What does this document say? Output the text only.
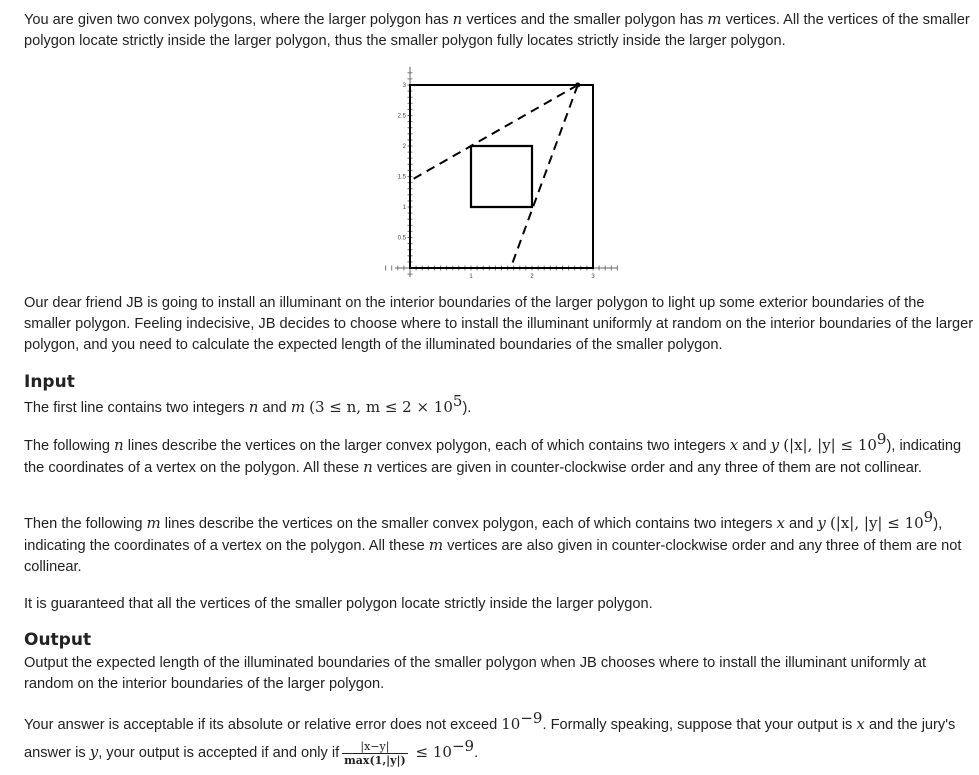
You are given two convex polygons, where the larger polygon has n vertices and the smaller polygon has m vertices. All the vertices of the smaller polygon locate strictly inside the larger polygon, thus the smaller polygon fully locates strictly inside the larger polygon.

1	2	3
0.5
1
1.5
2
2.5
3

Our dear friend JB is going to install an illuminant on the interior boundaries of the larger polygon to light up some exterior boundaries of the smaller polygon. Feeling indecisive, JB decides to choose where to install the illuminant uniformly at random on the interior boundaries of the larger polygon, and you need to calculate the expected length of the illuminated boundaries of the smaller polygon.

Input

The first line contains two integers n and m (3 ≤ n, $m \le 2 \times 10^5$).

The following n lines describe the vertices on the larger convex polygon, each of which contains two integers x and y (|x|, $|y| \le 10^9$), indicating the coordinates of a vertex on the polygon. All these n vertices are given in counter-clockwise order and any three of them are not collinear.

Then the following m lines describe the vertices on the smaller convex polygon, each of which contains two integers x and y (|x|, $|y| \le 10^9$), indicating the coordinates of a vertex on the polygon. All these m vertices are also given in counter-clockwise order and any three of them are not collinear.

It is guaranteed that all the vertices of the smaller polygon locate strictly inside the larger polygon.

Output

Output the expected length of the illuminated boundaries of the smaller polygon when JB chooses where to install the illuminant uniformly at random on the interior boundaries of the larger polygon.

Your answer is acceptable if its absolute or relative error does not exceed $10^{-9}$. Formally speaking, suppose that your output is x and the jury's answer is y, your output is accepted if and only if $\frac{|x-y|}{\max(1,|y|)} \le 10^{-9}$.
